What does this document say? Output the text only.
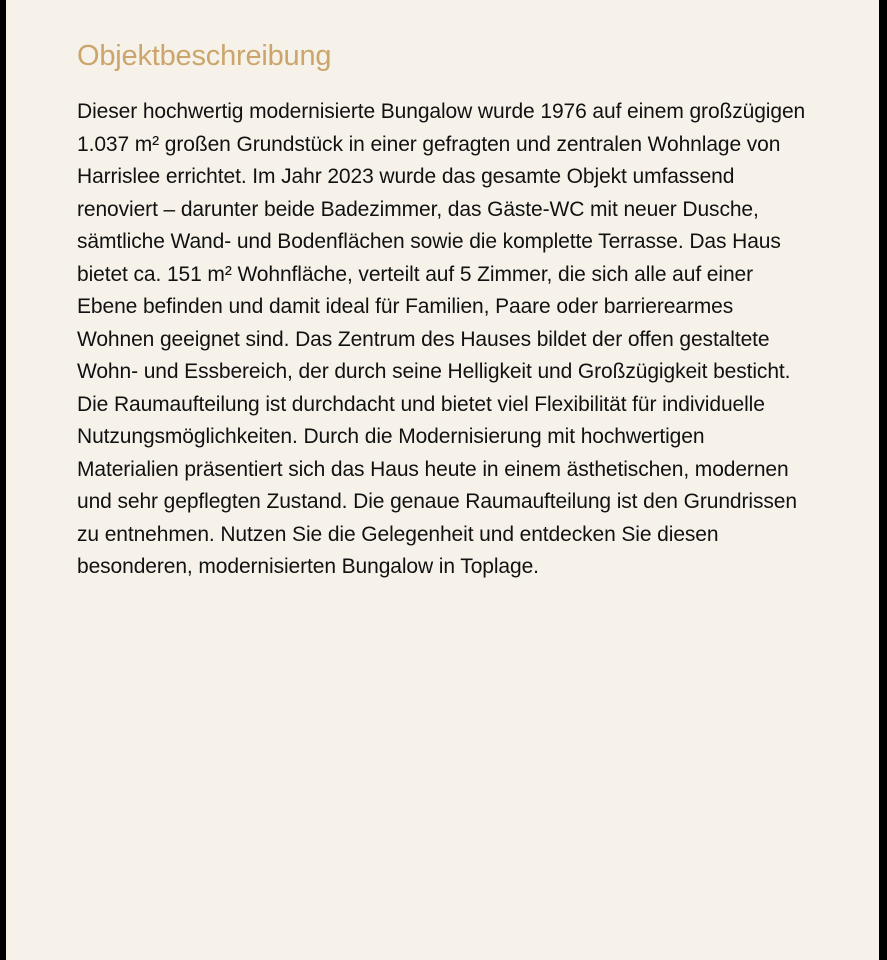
Objektbeschreibung

Dieser hochwertig modernisierte Bungalow wurde 1976 auf einem großzügigen 1.037 m² großen Grundstück in einer gefragten und zentralen Wohnlage von Harrislee errichtet. Im Jahr 2023 wurde das gesamte Objekt umfassend renoviert – darunter beide Badezimmer, das Gäste-WC mit neuer Dusche, sämtliche Wand- und Bodenflächen sowie die komplette Terrasse. Das Haus bietet ca. 151 m² Wohnfläche, verteilt auf 5 Zimmer, die sich alle auf einer Ebene befinden und damit ideal für Familien, Paare oder barrierearmes Wohnen geeignet sind. Das Zentrum des Hauses bildet der offen gestaltete Wohn- und Essbereich, der durch seine Helligkeit und Großzügigkeit besticht. Die Raumaufteilung ist durchdacht und bietet viel Flexibilität für individuelle Nutzungsmöglichkeiten. Durch die Modernisierung mit hochwertigen Materialien präsentiert sich das Haus heute in einem ästhetischen, modernen und sehr gepflegten Zustand. Die genaue Raumaufteilung ist den Grundrissen zu entnehmen. Nutzen Sie die Gelegenheit und entdecken Sie diesen besonderen, modernisierten Bungalow in Toplage.
